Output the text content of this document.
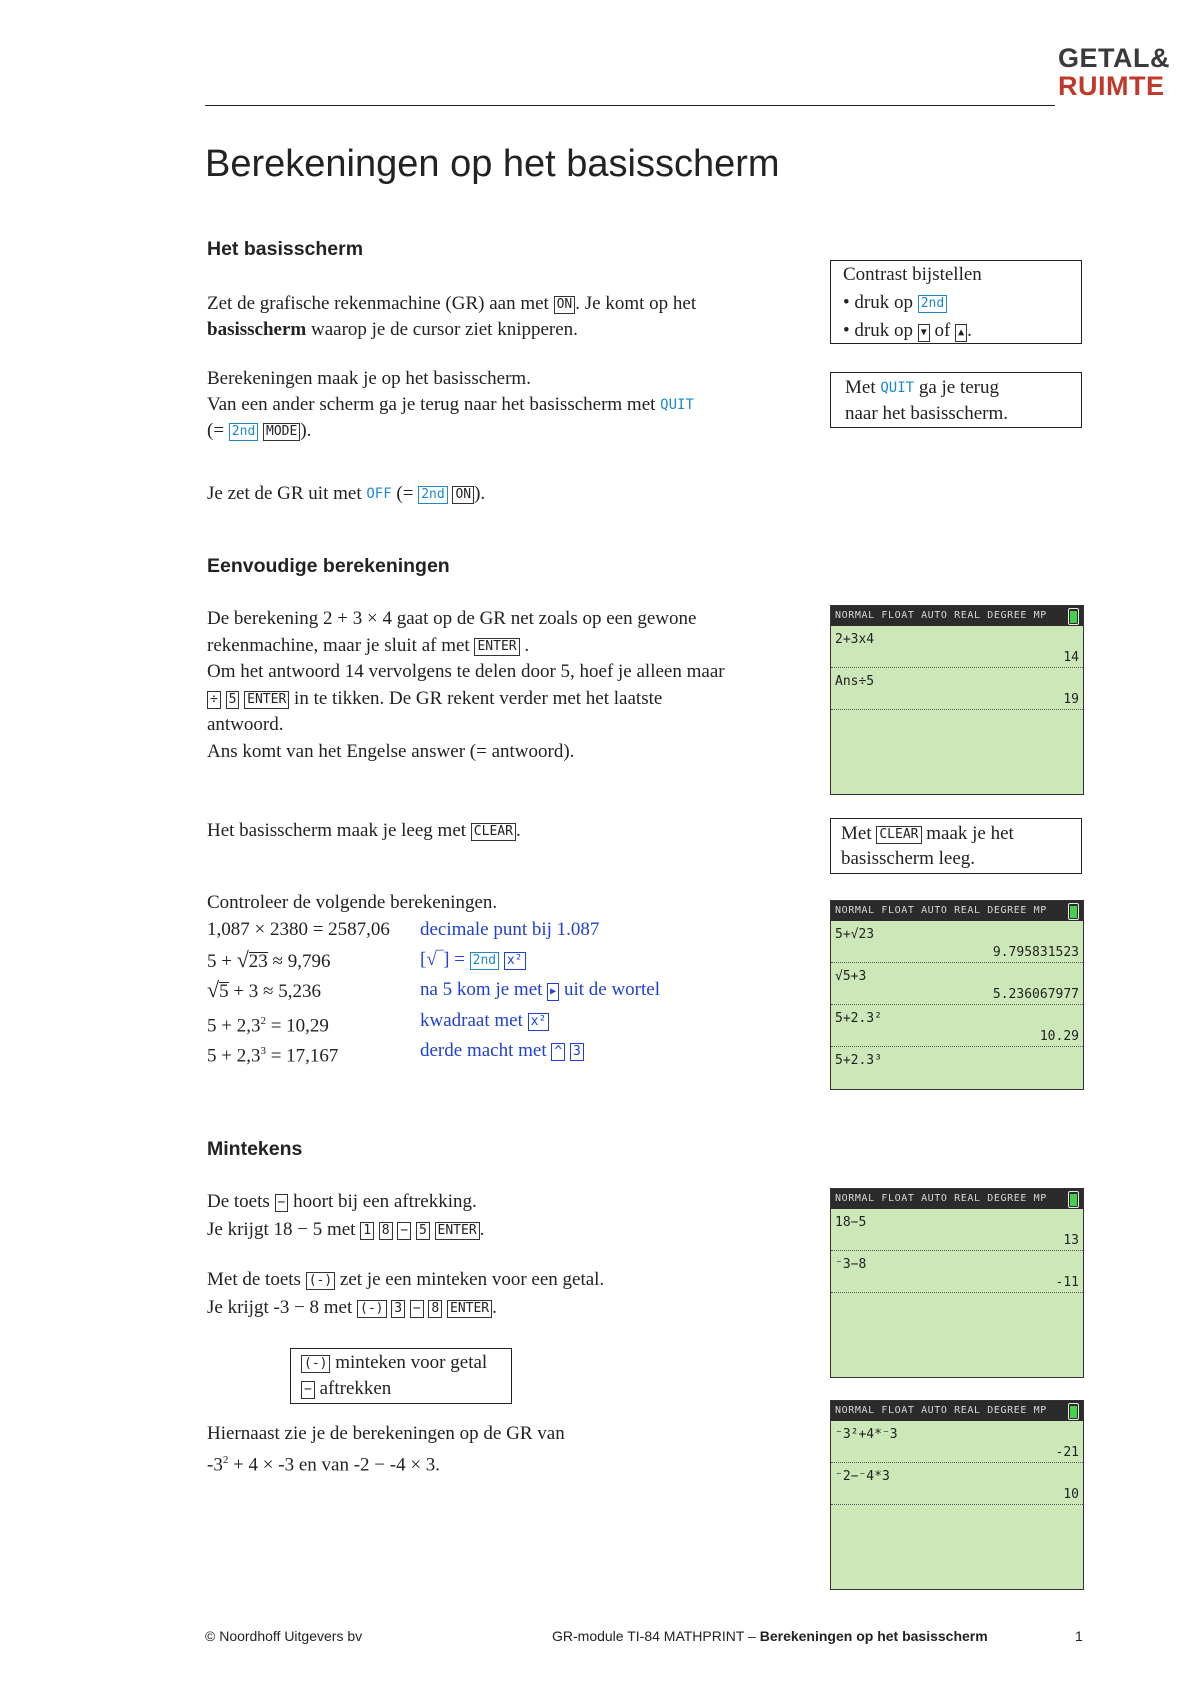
GETAL&
RUIMTE
Berekeningen op het basisscherm
Het basisscherm
Zet de grafische rekenmachine (GR) aan met ON . Je komt op het
basisscherm waarop je de cursor ziet knipperen.
Berekeningen maak je op het basisscherm.
Van een ander scherm ga je terug naar het basisscherm met QUIT
(= 2nd MODE ).
Je zet de GR uit met OFF (= 2nd ON ).
Contrast bijstellen
• druk op 2nd
• druk op ▼ of ▲ .
Met QUIT ga je terug
naar het basisscherm.
Eenvoudige berekeningen
De berekening 2 + 3 × 4 gaat op de GR net zoals op een gewone
rekenmachine, maar je sluit af met ENTER .
Om het antwoord 14 vervolgens te delen door 5, hoef je alleen maar
÷ 5 ENTER in te tikken. De GR rekent verder met het laatste
antwoord.
Ans komt van het Engelse answer (= antwoord).
Het basisscherm maak je leeg met CLEAR .	Met CLEAR maak je het
basisscherm leeg.
Controleer de volgende berekeningen.
1,087 × 2380 = 2587,06 decimale punt bij 1.087
5 + √23 ≈ 9,796	[√‾] = 2nd x²
√5 + 3 ≈ 5,236	na 5 kom je met ▶ uit de wortel
$5 + 2,3^2 = 10,29$	kwadraat met x²
$5 + 2,3^3 = 17,167$	derde macht met ^ 3
Mintekens
De toets − hoort bij een aftrekking.
Je krijgt 18 − 5 met 1 8 − 5 ENTER .
Met de toets (-) zet je een minteken voor een getal.
Je krijgt -3 − 8 met (-) 3 − 8 ENTER .
(-) minteken voor getal
− aftrekken
Hiernaast zie je de berekeningen op de GR van
$-3^2 + 4 \times -3$ en van -2 − -4 × 3.
NORMAL FLOAT AUTO REAL DEGREE MP
2+3x4
14
Ans÷5
19
NORMAL FLOAT AUTO REAL DEGREE MP
5+√23
9.795831523
√5+3
5.236067977
5+2.3²
10.29
5+2.3³
NORMAL FLOAT AUTO REAL DEGREE MP
18−5
13
⁻3−8
-11
NORMAL FLOAT AUTO REAL DEGREE MP
⁻3²+4*⁻3
-21
⁻2−⁻4*3
10
© Noordhoff Uitgevers bv	GR-module TI-84 MATHPRINT – Berekeningen op het basisscherm	1
